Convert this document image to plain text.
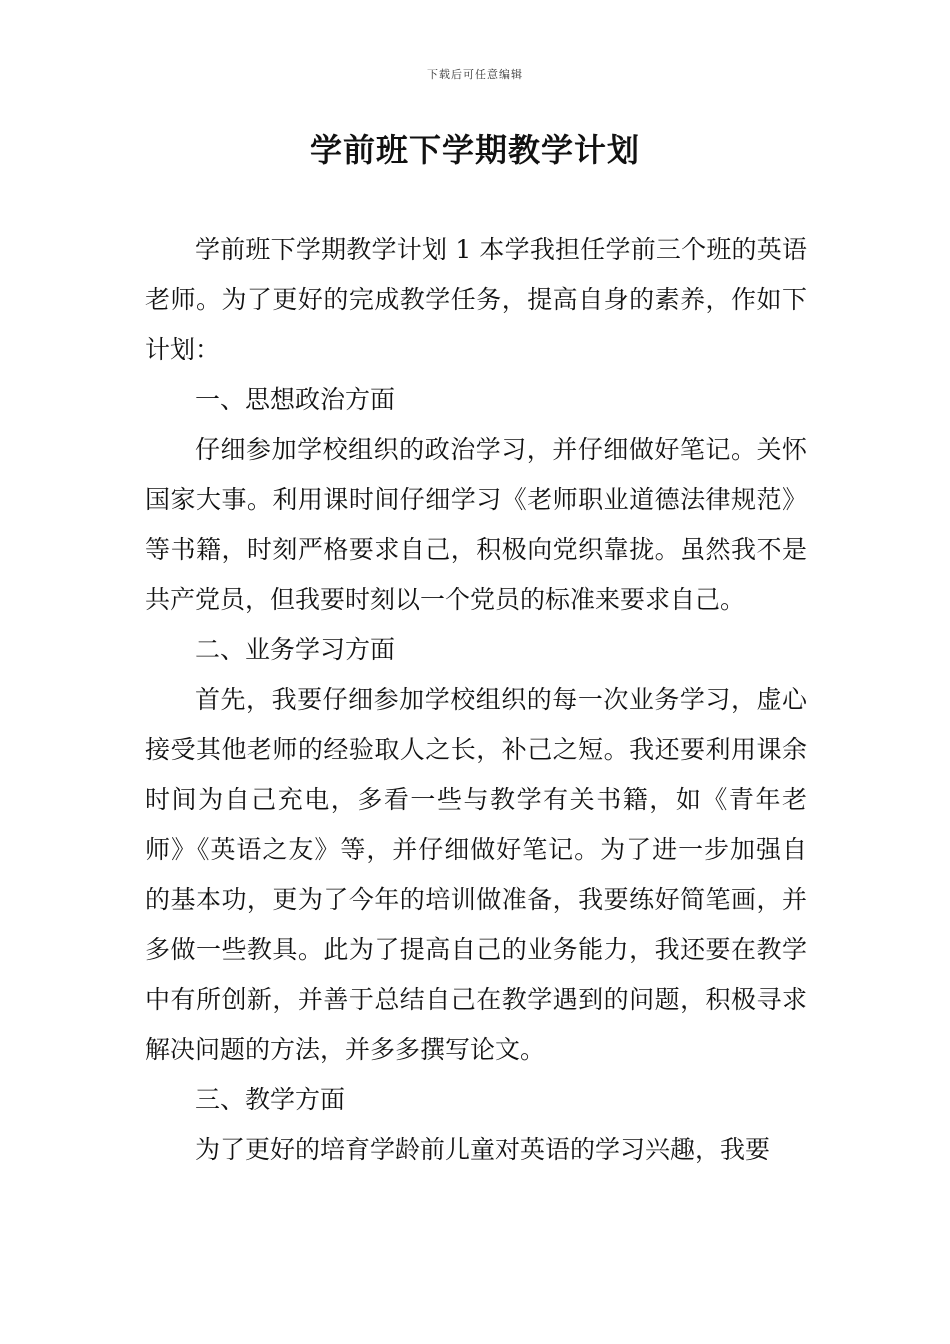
下载后可任意编辑
学前班下学期教学计划

学前班下学期教学计划 1 本学我担任学前三个班的英语老师。为了更好的完成教学任务，提高自身的素养，作如下计划：

一、思想政治方面

仔细参加学校组织的政治学习，并仔细做好笔记。关怀国家大事。利用课时间仔细学习《老师职业道德法律规范》等书籍，时刻严格要求自己，积极向党织靠拢。虽然我不是共产党员，但我要时刻以一个党员的标准来要求自己。

二、业务学习方面

首先，我要仔细参加学校组织的每一次业务学习，虚心接受其他老师的经验取人之长，补己之短。我还要利用课余时间为自己充电，多看一些与教学有关书籍，如《青年老师》《英语之友》等，并仔细做好笔记。为了进一步加强自的基本功，更为了今年的培训做准备，我要练好简笔画，并多做一些教具。此为了提高自己的业务能力，我还要在教学中有所创新，并善于总结自己在教学遇到的问题，积极寻求解决问题的方法，并多多撰写论文。

三、教学方面

为了更好的培育学龄前儿童对英语的学习兴趣，我要
